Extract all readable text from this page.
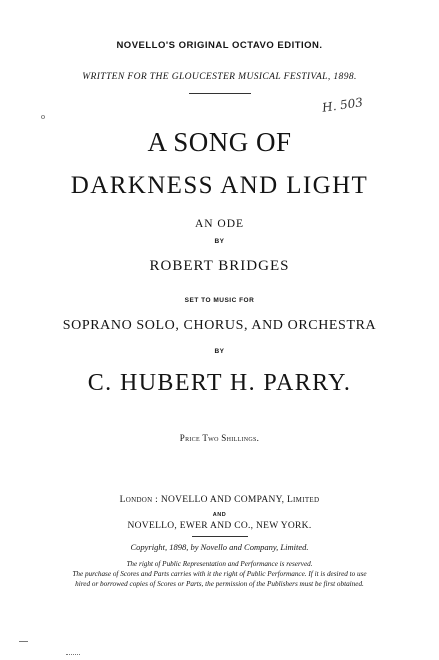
NOVELLO'S ORIGINAL OCTAVO EDITION.
WRITTEN FOR THE GLOUCESTER MUSICAL FESTIVAL, 1898.
H. 503
o
A SONG OF
DARKNESS AND LIGHT
AN ODE
BY
ROBERT BRIDGES
SET TO MUSIC FOR
SOPRANO SOLO, CHORUS, AND ORCHESTRA
BY
C. HUBERT H. PARRY.
Price Two Shillings.
London : NOVELLO AND COMPANY, Limited
AND
NOVELLO, EWER AND CO., NEW YORK.
Copyright, 1898, by Novello and Company, Limited.
The right of Public Representation and Performance is reserved.
The purchase of Scores and Parts carries with it the right of Public Performance. If it is desired to use
hired or borrowed copies of Scores or Parts, the permission of the Publishers must be first obtained.
